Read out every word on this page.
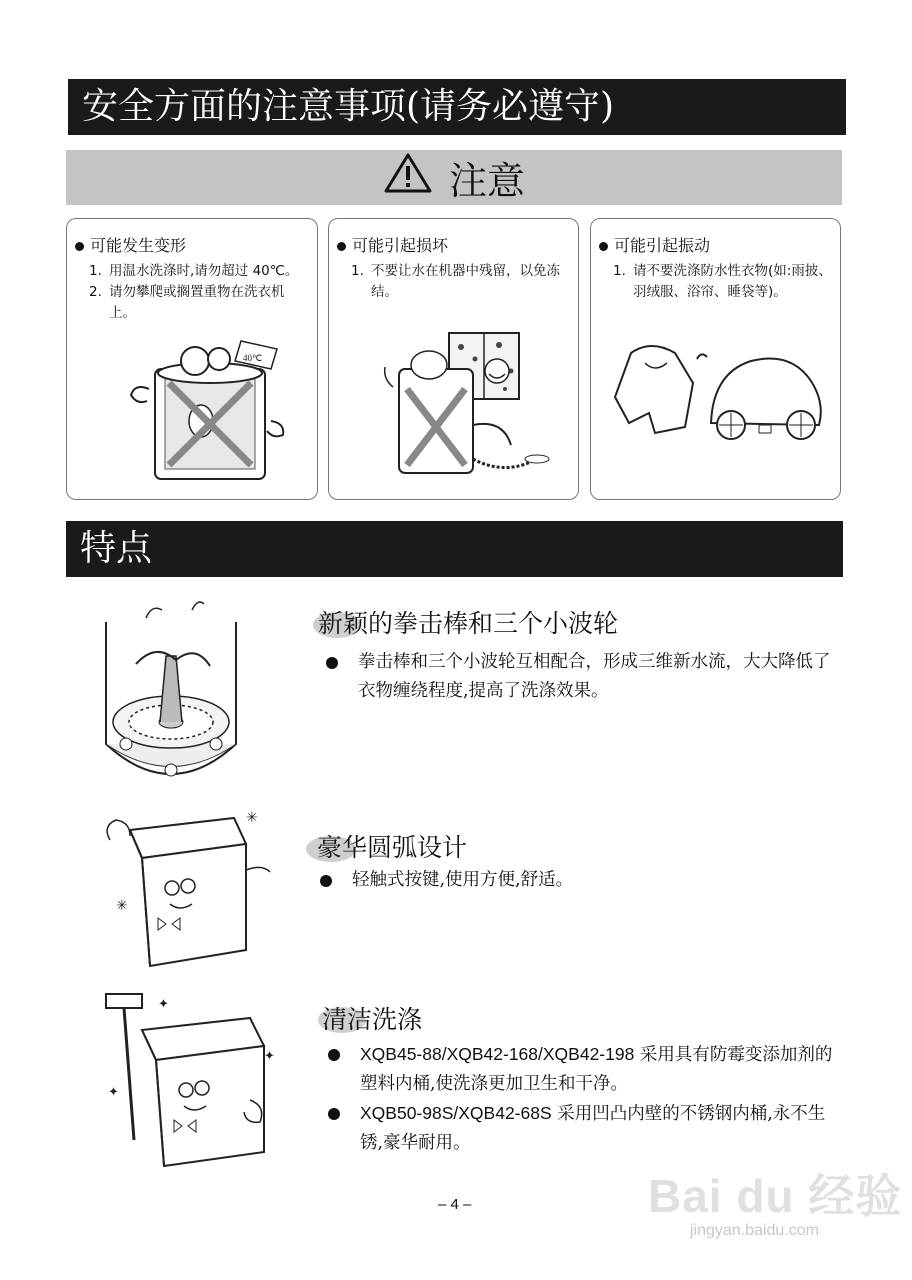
安全方面的注意事项(请务必遵守)
注意
可能发生变形
1. 用温水洗涤时,请勿超过 40℃。
2. 请勿攀爬或搁置重物在洗衣机上。
40℃
可能引起损坏
1. 不要让水在机器中残留，以免冻结。
可能引起振动
1. 请不要洗涤防水性衣物(如:雨披、羽绒服、浴帘、睡袋等)。
特点
新颖的拳击棒和三个小波轮
拳击棒和三个小波轮互相配合，形成三维新水流，大大降低了衣物缠绕程度,提高了洗涤效果。
✳
✳
豪华圆弧设计
轻触式按键,使用方便,舒适。
✦
✦
✦
清洁洗涤
XQB45-88/XQB42-168/XQB42-198 采用具有防霉变添加剂的塑料内桶,使洗涤更加卫生和干净。
XQB50-98S/XQB42-68S 采用凹凸内壁的不锈钢内桶,永不生锈,豪华耐用。
– 4 –	Bai du 经验
jingyan.baidu.com
